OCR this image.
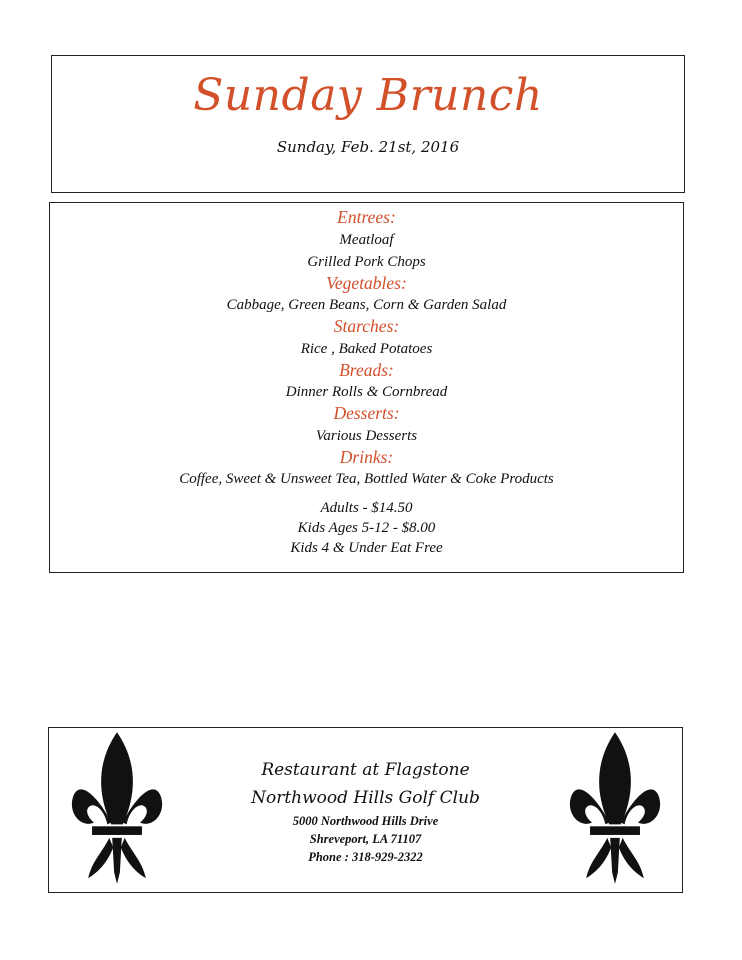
Sunday Brunch
Sunday, Feb. 21st, 2016
Entrees:
Meatloaf
Grilled Pork Chops
Vegetables:
Cabbage, Green Beans, Corn & Garden Salad
Starches:
Rice , Baked Potatoes
Breads:
Dinner Rolls & Cornbread
Desserts:
Various Desserts
Drinks:
Coffee, Sweet & Unsweet Tea, Bottled Water & Coke Products
Adults - $14.50
Kids Ages 5-12 - $8.00
Kids 4 & Under Eat Free
Restaurant at Flagstone
Northwood Hills Golf Club
5000 Northwood Hills Drive
Shreveport, LA 71107
Phone : 318-929-2322
